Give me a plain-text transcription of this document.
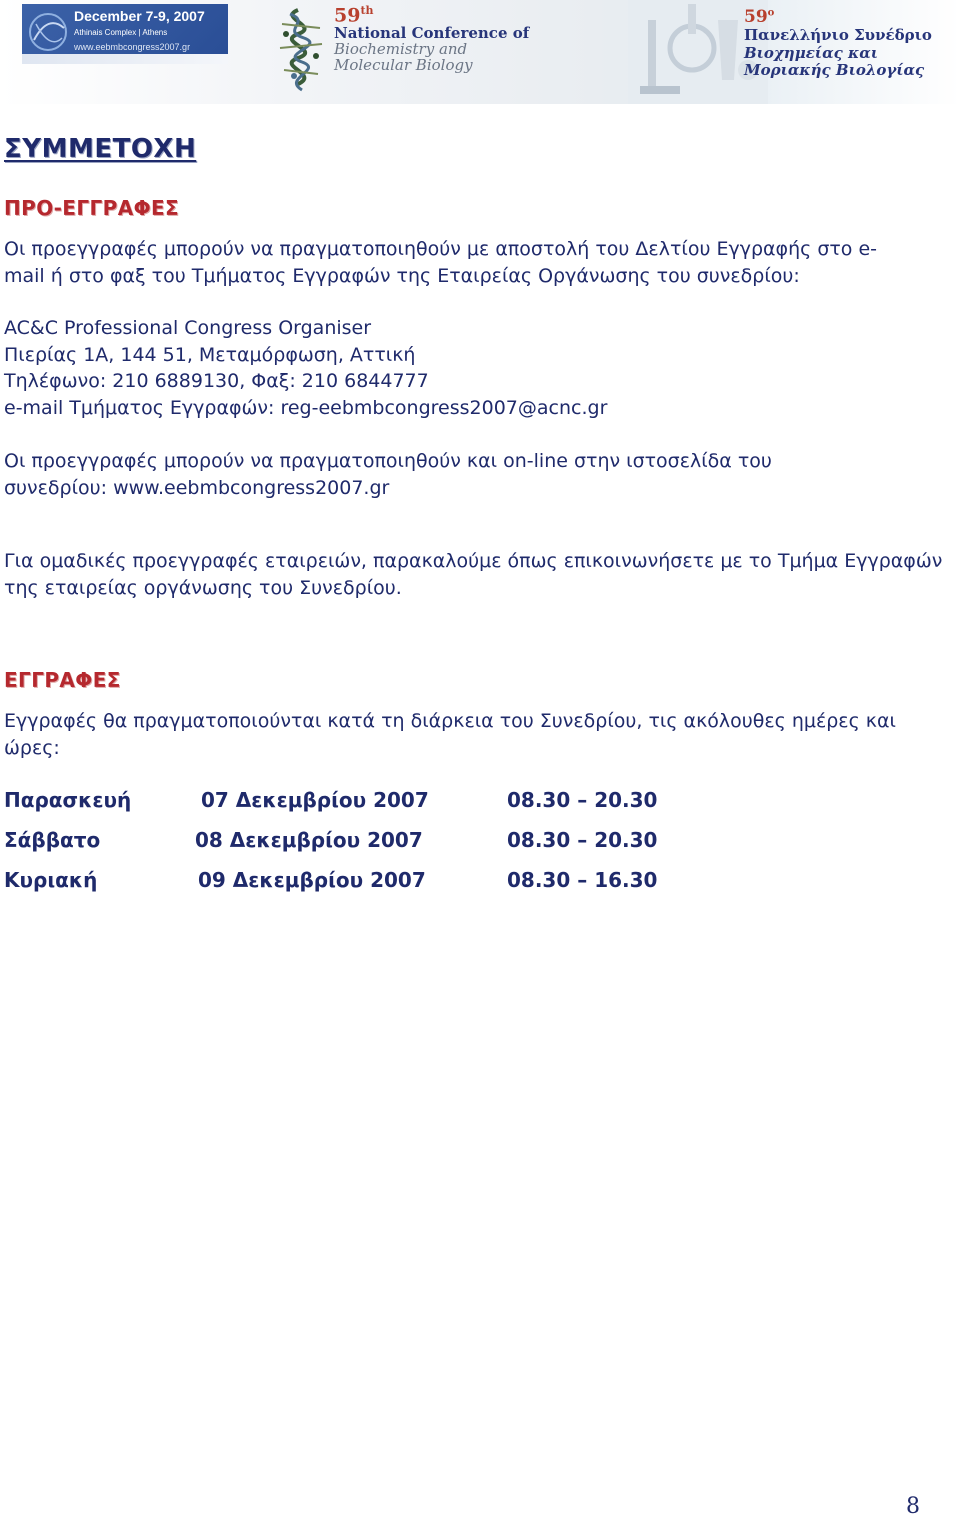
December 7-9, 2007
Athinais Complex | Athens
www.eebmbcongress2007.gr
59th
National Conference of
Biochemistry and
Molecular Biology
$59^o$
Πανελλήνιο Συνέδριο
Βιοχημείας και
Μοριακής Βιολογίας
ΣΥΜΜΕΤΟΧΗ
ΠΡΟ-ΕΓΓΡΑΦΕΣ
Οι προεγγραφές μπορούν να πραγματοποιηθούν με αποστολή του Δελτίου Εγγραφής στο e-
mail ή στο φαξ του Τμήματος Εγγραφών της Εταιρείας Οργάνωσης του συνεδρίου:
AC&C Professional Congress Organiser
Πιερίας 1Α, 144 51, Μεταμόρφωση, Αττική
Τηλέφωνο: 210 6889130, Φαξ: 210 6844777
e-mail Τμήματος Εγγραφών: reg-eebmbcongress2007@acnc.gr
Οι προεγγραφές μπορούν να πραγματοποιηθούν και on-line στην ιστοσελίδα του
συνεδρίου: www.eebmbcongress2007.gr
Για ομαδικές προεγγραφές εταιρειών, παρακαλούμε όπως επικοινωνήσετε με το Τμήμα Εγγραφών
της εταιρείας οργάνωσης του Συνεδρίου.
ΕΓΓΡΑΦΕΣ
Εγγραφές θα πραγματοποιούνται κατά τη διάρκεια του Συνεδρίου, τις ακόλουθες ημέρες και
ώρες:
Παρασκευή	07 Δεκεμβρίου 2007	08.30 – 20.30
Σάββατο	08 Δεκεμβρίου 2007	08.30 – 20.30
Κυριακή	09 Δεκεμβρίου 2007	08.30 – 16.30
8
